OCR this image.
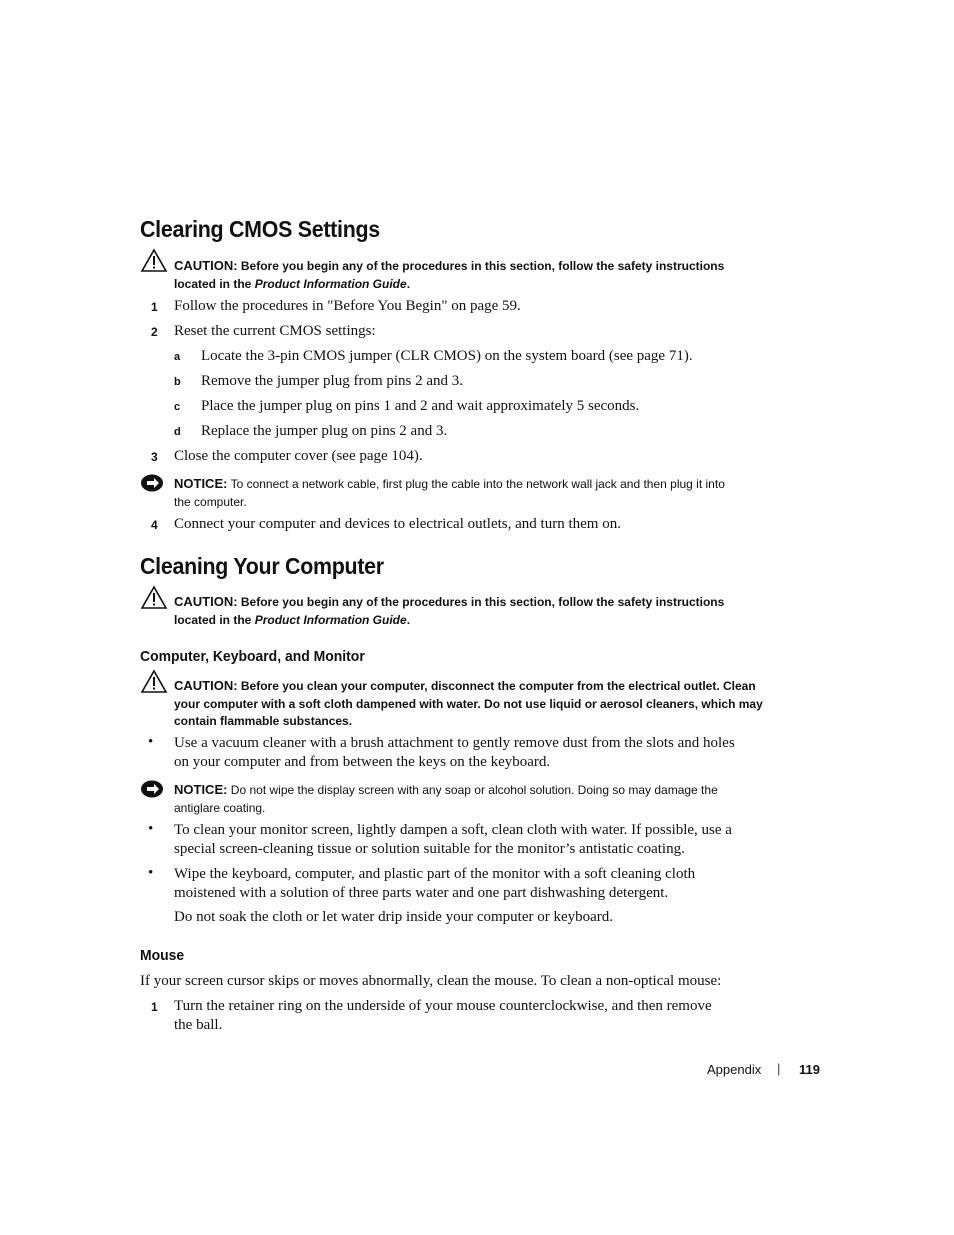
Clearing CMOS Settings
CAUTION: Before you begin any of the procedures in this section, follow the safety instructions
located in the Product Information Guide.
1 Follow the procedures in "Before You Begin" on page 59.
2 Reset the current CMOS settings:
a Locate the 3-pin CMOS jumper (CLR CMOS) on the system board (see page 71).
b Remove the jumper plug from pins 2 and 3.
c Place the jumper plug on pins 1 and 2 and wait approximately 5 seconds.
d Replace the jumper plug on pins 2 and 3.
3 Close the computer cover (see page 104).
NOTICE: To connect a network cable, first plug the cable into the network wall jack and then plug it into
the computer.
4 Connect your computer and devices to electrical outlets, and turn them on.
Cleaning Your Computer
CAUTION: Before you begin any of the procedures in this section, follow the safety instructions
located in the Product Information Guide.
Computer, Keyboard, and Monitor
CAUTION: Before you clean your computer, disconnect the computer from the electrical outlet. Clean
your computer with a soft cloth dampened with water. Do not use liquid or aerosol cleaners, which may
contain flammable substances.
• Use a vacuum cleaner with a brush attachment to gently remove dust from the slots and holes
on your computer and from between the keys on the keyboard.
NOTICE: Do not wipe the display screen with any soap or alcohol solution. Doing so may damage the
antiglare coating.
• To clean your monitor screen, lightly dampen a soft, clean cloth with water. If possible, use a
special screen-cleaning tissue or solution suitable for the monitor’s antistatic coating.
• Wipe the keyboard, computer, and plastic part of the monitor with a soft cleaning cloth
moistened with a solution of three parts water and one part dishwashing detergent.
Do not soak the cloth or let water drip inside your computer or keyboard.
Mouse
If your screen cursor skips or moves abnormally, clean the mouse. To clean a non-optical mouse:
1 Turn the retainer ring on the underside of your mouse counterclockwise, and then remove
the ball.
Appendix | 119
